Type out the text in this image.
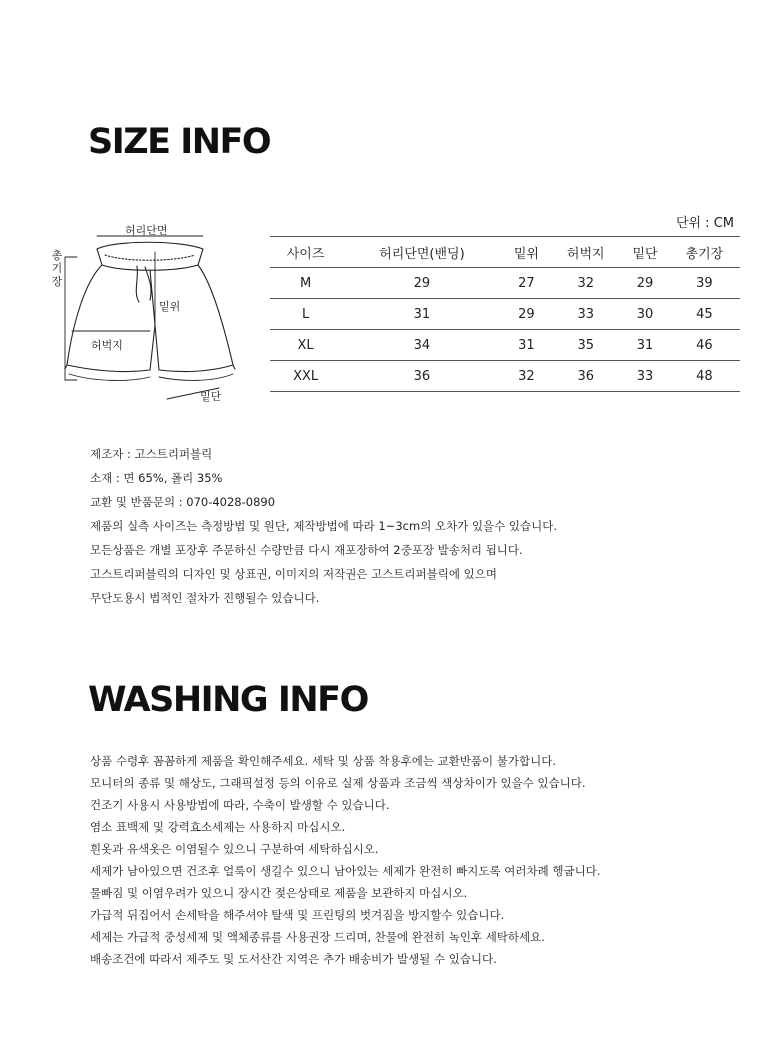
SIZE INFO
단위 : CM
허리단면
밑위
허벅지
밑단
총기장
사이즈	허리단면(밴딩)	밑위	허벅지	밑단	총기장
M	29	27	32	29	39
L	31	29	33	30	45
XL	34	31	35	31	46
XXL	36	32	36	33	48
제조자 : 고스트리퍼블릭
소재 : 면 65%, 폴리 35%
교환 및 반품문의 : 070-4028-0890
제품의 실측 사이즈는 측정방법 및 원단, 제작방법에 따라 1~3cm의 오차가 있을수 있습니다.
모든상품은 개별 포장후 주문하신 수량만큼 다시 재포장하여 2중포장 발송처리 됩니다.
고스트리퍼블릭의 디자인 및 상표권, 이미지의 저작권은 고스트리퍼블릭에 있으며
무단도용시 법적인 절차가 진행될수 있습니다.
WASHING INFO
상품 수령후 꼼꼼하게 제품을 확인해주세요. 세탁 및 상품 착용후에는 교환반품이 불가합니다.
모니터의 종류 및 해상도, 그래픽설정 등의 이유로 실제 상품과 조금씩 색상차이가 있을수 있습니다.
건조기 사용시 사용방법에 따라, 수축이 발생할 수 있습니다.
염소 표백제 및 강력효소세제는 사용하지 마십시오.
흰옷과 유색옷은 이염될수 있으니 구분하여 세탁하십시오.
세제가 남아있으면 건조후 얼룩이 생길수 있으니 남아있는 세제가 완전히 빠지도록 여러차례 헹굽니다.
물빠짐 및 이염우려가 있으니 장시간 젖은상태로 제품을 보관하지 마십시오.
가급적 뒤집어서 손세탁을 해주셔야 탈색 및 프린팅의 벗겨짐을 방지할수 있습니다.
세제는 가급적 중성세제 및 액체종류를 사용권장 드리며, 찬물에 완전히 녹인후 세탁하세요.
배송조건에 따라서 제주도 및 도서산간 지역은 추가 배송비가 발생될 수 있습니다.
